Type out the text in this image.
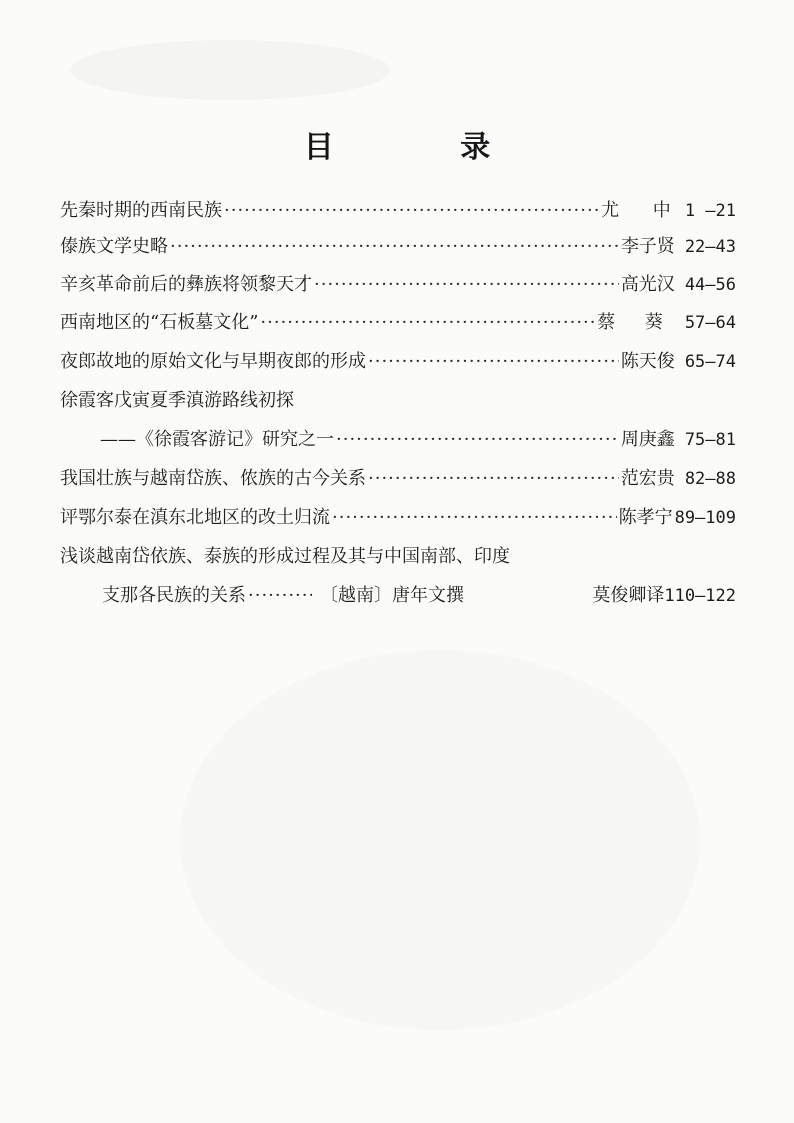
目 录
先秦时期的西南民族 ·····	尤 中 1 —21
傣族文学史略 ·····	李子贤 22—43
辛亥革命前后的彝族将领黎天才 ·····	高光汉 44—56
西南地区的“石板墓文化” ·····	蔡 葵 57—64
夜郎故地的原始文化与早期夜郎的形成 ·····	陈天俊 65—74
徐霞客戊寅夏季滇游路线初探
——《徐霞客游记》研究之一 ·····	周庚鑫 75—81
我国壮族与越南岱族、侬族的古今关系 ·····	范宏贵 82—88
评鄂尔泰在滇东北地区的改土归流 ·····	陈孝宁 89—109
浅谈越南岱依族、泰族的形成过程及其与中国南部、印度
支那各民族的关系 ·····	〔越南〕唐年文撰	莫俊卿译 110—122
